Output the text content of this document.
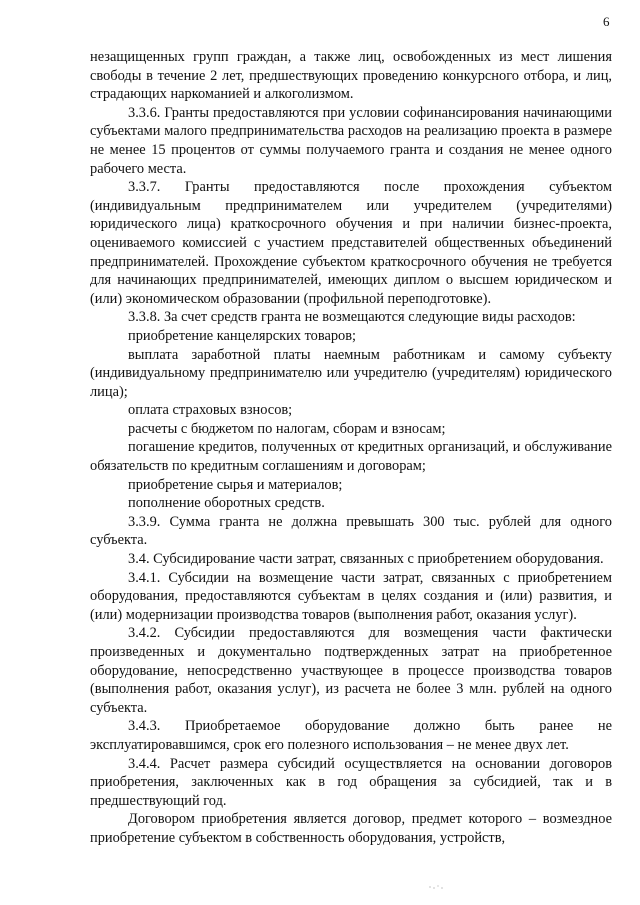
6

незащищенных групп граждан, а также лиц, освобожденных из мест лишения свободы в течение 2 лет, предшествующих проведению конкурсного отбора, и лиц, страдающих наркоманией и алкоголизмом.

3.3.6. Гранты предоставляются при условии софинансирования начинающими субъектами малого предпринимательства расходов на реализацию проекта в размере не менее 15 процентов от суммы получаемого гранта и создания не менее одного рабочего места.

3.3.7. Гранты предоставляются после прохождения субъектом (индивидуальным предпринимателем или учредителем (учредителями) юридического лица) краткосрочного обучения и при наличии бизнес-проекта, оцениваемого комиссией с участием представителей общественных объединений предпринимателей. Прохождение субъектом краткосрочного обучения не требуется для начинающих предпринимателей, имеющих диплом о высшем юридическом и (или) экономическом образовании (профильной переподготовке).

3.3.8. За счет средств гранта не возмещаются следующие виды расходов:

приобретение канцелярских товаров;

выплата заработной платы наемным работникам и самому субъекту (индивидуальному предпринимателю или учредителю (учредителям) юридического лица);

оплата страховых взносов;

расчеты с бюджетом по налогам, сборам и взносам;

погашение кредитов, полученных от кредитных организаций, и обслуживание обязательств по кредитным соглашениям и договорам;

приобретение сырья и материалов;

пополнение оборотных средств.

3.3.9. Сумма гранта не должна превышать 300 тыс. рублей для одного субъекта.

3.4. Субсидирование части затрат, связанных с приобретением оборудования.

3.4.1. Субсидии на возмещение части затрат, связанных с приобретением оборудования, предоставляются субъектам в целях создания и (или) развития, и (или) модернизации производства товаров (выполнения работ, оказания услуг).

3.4.2. Субсидии предоставляются для возмещения части фактически произведенных и документально подтвержденных затрат на приобретенное оборудование, непосредственно участвующее в процессе производства товаров (выполнения работ, оказания услуг), из расчета не более 3 млн. рублей на одного субъекта.

3.4.3. Приобретаемое оборудование должно быть ранее не эксплуатировавшимся, срок его полезного использования – не менее двух лет.

3.4.4. Расчет размера субсидий осуществляется на основании договоров приобретения, заключенных как в год обращения за субсидией, так и в предшествующий год.

Договором приобретения является договор, предмет которого – возмездное приобретение субъектом в собственность оборудования, устройств,
